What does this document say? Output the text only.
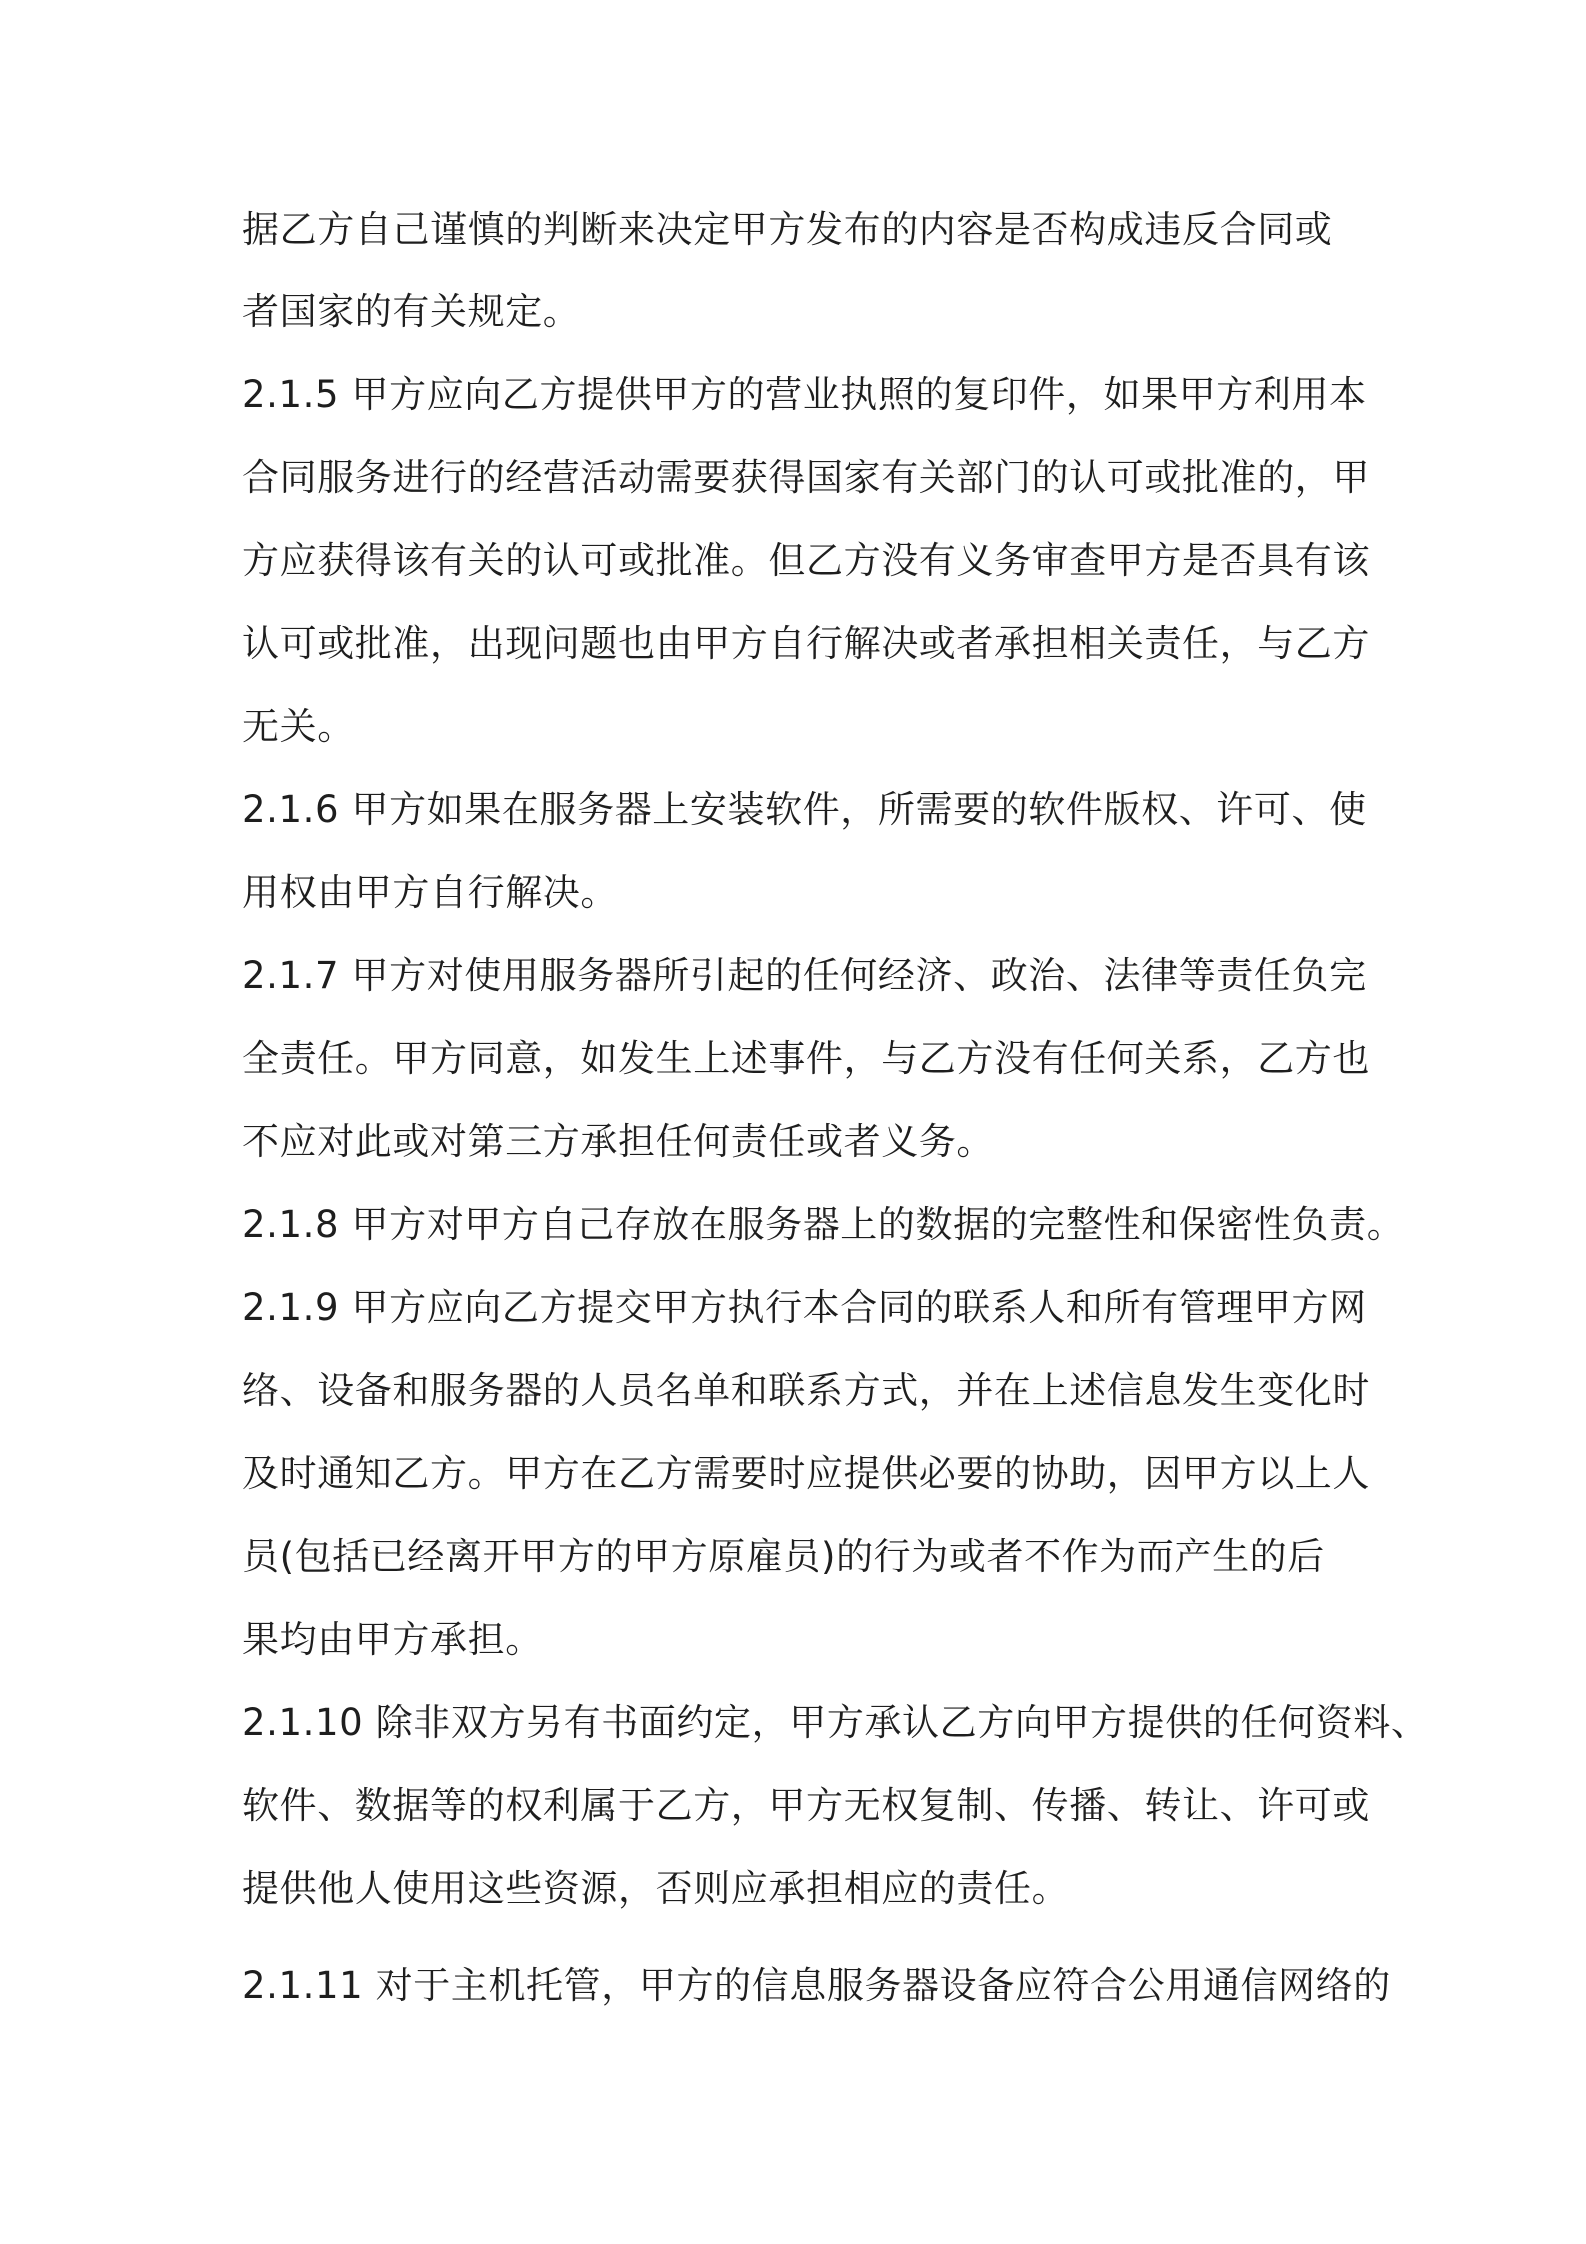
据乙方自己谨慎的判断来决定甲方发布的内容是否构成违反合同或

者国家的有关规定。

2.1.5 甲方应向乙方提供甲方的营业执照的复印件，如果甲方利用本

合同服务进行的经营活动需要获得国家有关部门的认可或批准的，甲

方应获得该有关的认可或批准。但乙方没有义务审查甲方是否具有该

认可或批准，出现问题也由甲方自行解决或者承担相关责任，与乙方

无关。

2.1.6 甲方如果在服务器上安装软件，所需要的软件版权、许可、使

用权由甲方自行解决。

2.1.7 甲方对使用服务器所引起的任何经济、政治、法律等责任负完

全责任。甲方同意，如发生上述事件，与乙方没有任何关系，乙方也

不应对此或对第三方承担任何责任或者义务。

2.1.8 甲方对甲方自己存放在服务器上的数据的完整性和保密性负责。

2.1.9 甲方应向乙方提交甲方执行本合同的联系人和所有管理甲方网

络、设备和服务器的人员名单和联系方式，并在上述信息发生变化时

及时通知乙方。甲方在乙方需要时应提供必要的协助，因甲方以上人

员(包括已经离开甲方的甲方原雇员)的行为或者不作为而产生的后

果均由甲方承担。

2.1.10 除非双方另有书面约定，甲方承认乙方向甲方提供的任何资料、

软件、数据等的权利属于乙方，甲方无权复制、传播、转让、许可或

提供他人使用这些资源，否则应承担相应的责任。

2.1.11 对于主机托管，甲方的信息服务器设备应符合公用通信网络的
